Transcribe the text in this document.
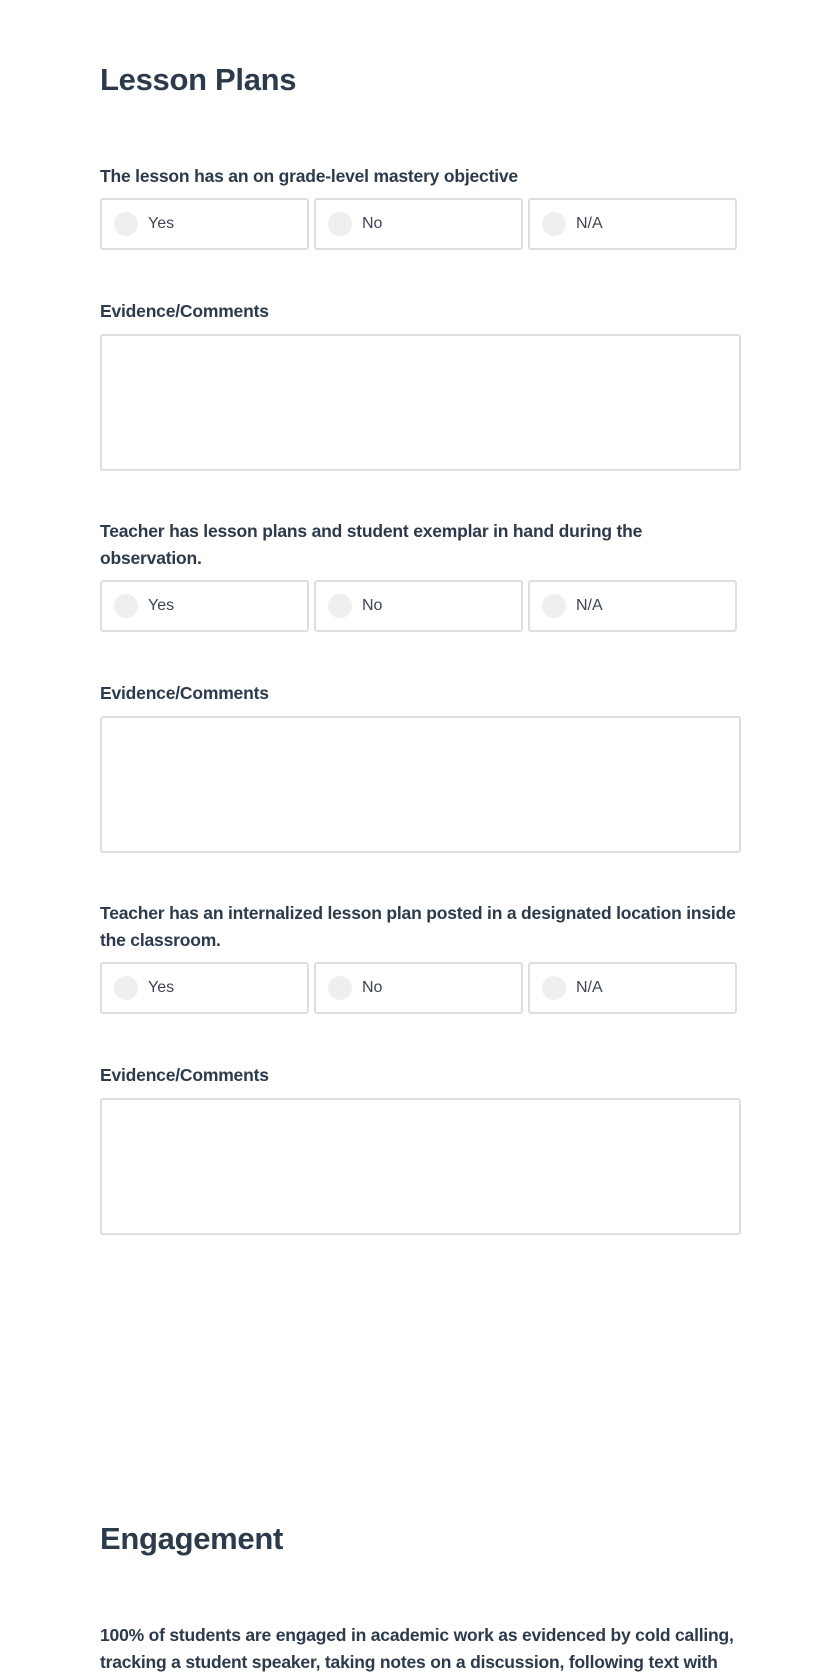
Lesson Plans
The lesson has an on grade-level mastery objective
Yes	No	N/A
Evidence/Comments
Teacher has lesson plans and student exemplar in hand during the observation.
Yes	No	N/A
Evidence/Comments
Teacher has an internalized lesson plan posted in a designated location inside the classroom.
Yes	No	N/A
Evidence/Comments
Engagement
100% of students are engaged in academic work as evidenced by cold calling, tracking a student speaker, taking notes on a discussion, following text with
